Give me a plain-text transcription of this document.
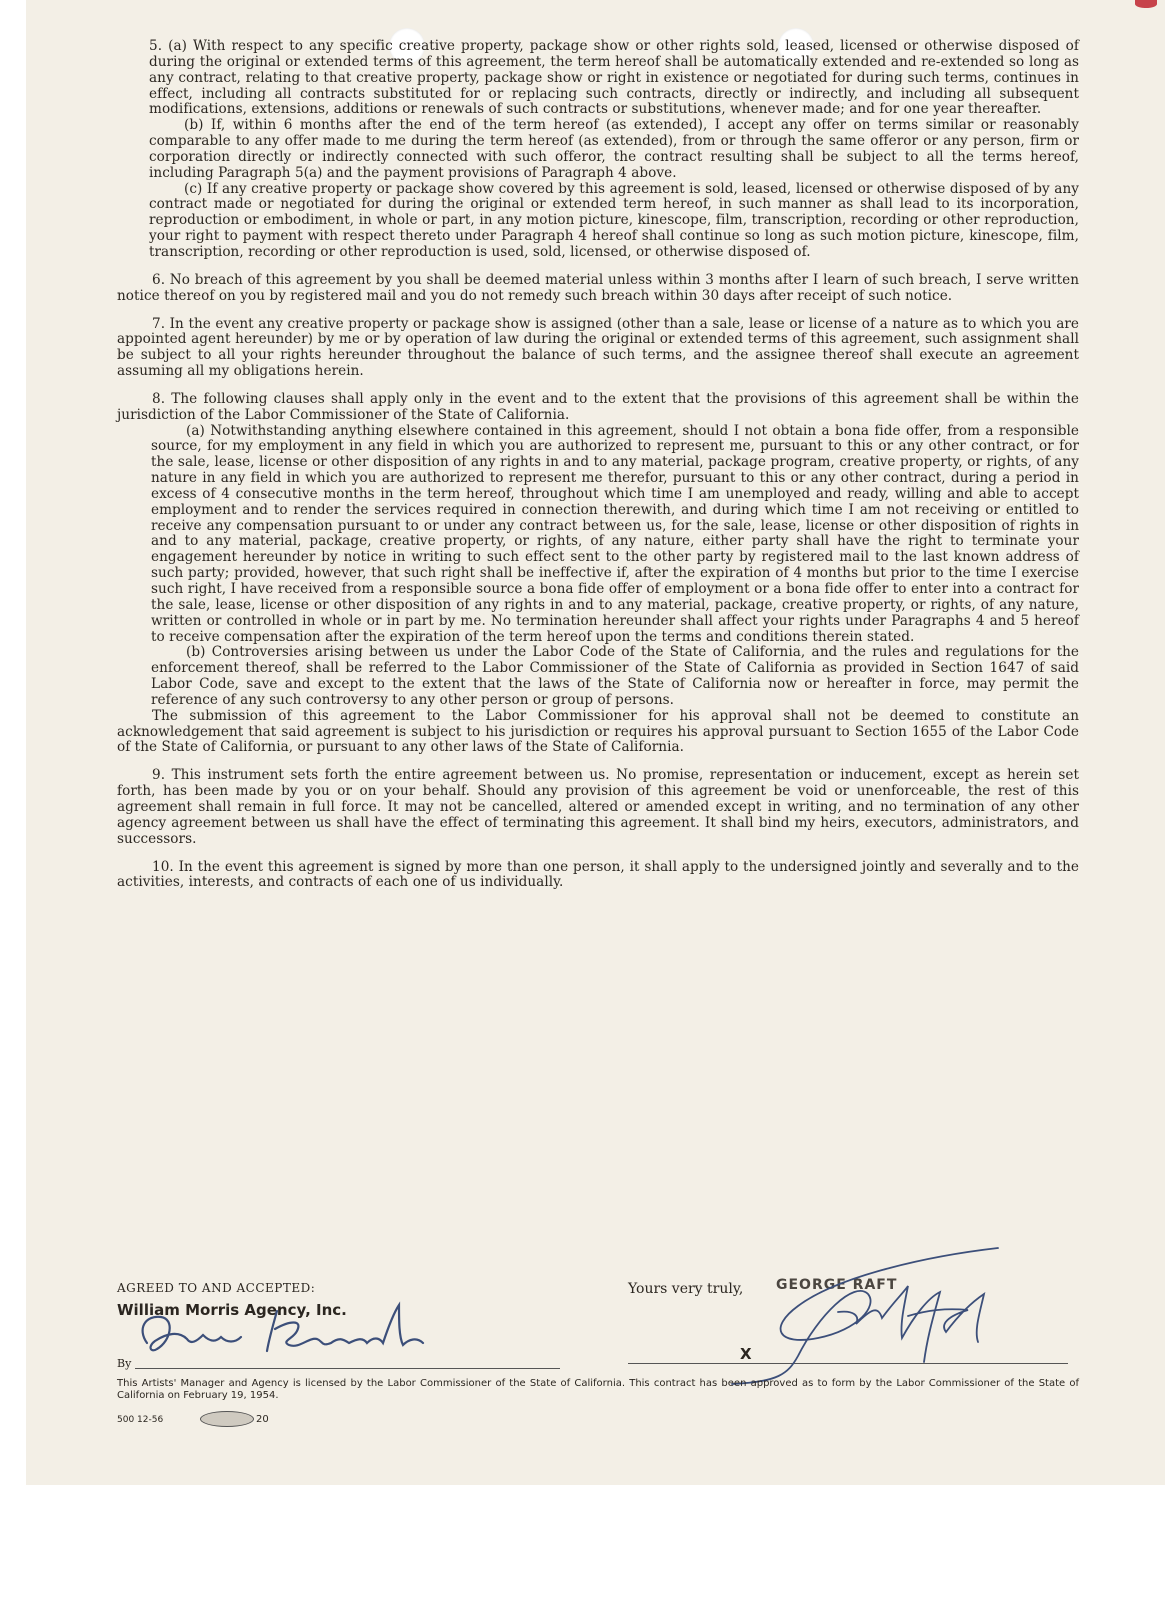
5. (a) With respect to any specific creative property, package show or other rights sold, leased, licensed or otherwise disposed of during the original or extended terms of this agreement, the term hereof shall be automatically extended and re-extended so long as any contract, relating to that creative property, package show or right in existence or negotiated for during such terms, continues in effect, including all contracts substituted for or replacing such contracts, directly or indirectly, and including all subsequent modifications, extensions, additions or renewals of such contracts or substitutions, whenever made; and for one year thereafter.

(b) If, within 6 months after the end of the term hereof (as extended), I accept any offer on terms similar or reasonably comparable to any offer made to me during the term hereof (as extended), from or through the same offeror or any person, firm or corporation directly or indirectly connected with such offeror, the contract resulting shall be subject to all the terms hereof, including Paragraph 5(a) and the payment provisions of Paragraph 4 above.

(c) If any creative property or package show covered by this agreement is sold, leased, licensed or otherwise disposed of by any contract made or negotiated for during the original or extended term hereof, in such manner as shall lead to its incorporation, reproduction or embodiment, in whole or part, in any motion picture, kinescope, film, transcription, recording or other reproduction, your right to payment with respect thereto under Paragraph 4 hereof shall continue so long as such motion picture, kinescope, film, transcription, recording or other reproduction is used, sold, licensed, or otherwise disposed of.

6. No breach of this agreement by you shall be deemed material unless within 3 months after I learn of such breach, I serve written notice thereof on you by registered mail and you do not remedy such breach within 30 days after receipt of such notice.

7. In the event any creative property or package show is assigned (other than a sale, lease or license of a nature as to which you are appointed agent hereunder) by me or by operation of law during the original or extended terms of this agreement, such assignment shall be subject to all your rights hereunder throughout the balance of such terms, and the assignee thereof shall execute an agreement assuming all my obligations herein.

8. The following clauses shall apply only in the event and to the extent that the provisions of this agreement shall be within the jurisdiction of the Labor Commissioner of the State of California.

(a) Notwithstanding anything elsewhere contained in this agreement, should I not obtain a bona fide offer, from a responsible source, for my employment in any field in which you are authorized to represent me, pursuant to this or any other contract, or for the sale, lease, license or other disposition of any rights in and to any material, package program, creative property, or rights, of any nature in any field in which you are authorized to represent me therefor, pursuant to this or any other contract, during a period in excess of 4 consecutive months in the term hereof, throughout which time I am unemployed and ready, willing and able to accept employment and to render the services required in connection therewith, and during which time I am not receiving or entitled to receive any compensation pursuant to or under any contract between us, for the sale, lease, license or other disposition of rights in and to any material, package, creative property, or rights, of any nature, either party shall have the right to terminate your engagement hereunder by notice in writing to such effect sent to the other party by registered mail to the last known address of such party; provided, however, that such right shall be ineffective if, after the expiration of 4 months but prior to the time I exercise such right, I have received from a responsible source a bona fide offer of employment or a bona fide offer to enter into a contract for the sale, lease, license or other disposition of any rights in and to any material, package, creative property, or rights, of any nature, written or controlled in whole or in part by me. No termination hereunder shall affect your rights under Paragraphs 4 and 5 hereof to receive compensation after the expiration of the term hereof upon the terms and conditions therein stated.

(b) Controversies arising between us under the Labor Code of the State of California, and the rules and regulations for the enforcement thereof, shall be referred to the Labor Commissioner of the State of California as provided in Section 1647 of said Labor Code, save and except to the extent that the laws of the State of California now or hereafter in force, may permit the reference of any such controversy to any other person or group of persons.

The submission of this agreement to the Labor Commissioner for his approval shall not be deemed to constitute an acknowledgement that said agreement is subject to his jurisdiction or requires his approval pursuant to Section 1655 of the Labor Code of the State of California, or pursuant to any other laws of the State of California.

9. This instrument sets forth the entire agreement between us. No promise, representation or inducement, except as herein set forth, has been made by you or on your behalf. Should any provision of this agreement be void or unenforceable, the rest of this agreement shall remain in full force. It may not be cancelled, altered or amended except in writing, and no termination of any other agency agreement between us shall have the effect of terminating this agreement. It shall bind my heirs, executors, administrators, and successors.

10. In the event this agreement is signed by more than one person, it shall apply to the undersigned jointly and severally and to the activities, interests, and contracts of each one of us individually.

AGREED TO AND ACCEPTED:
William Morris Agency, Inc.
By
Yours very truly,	GEORGE RAFT
X
This Artists' Manager and Agency is licensed by the Labor Commissioner of the State of California. This contract has been approved as to form by the Labor Commissioner of the State of California on February 19, 1954.
500 12-56	20
